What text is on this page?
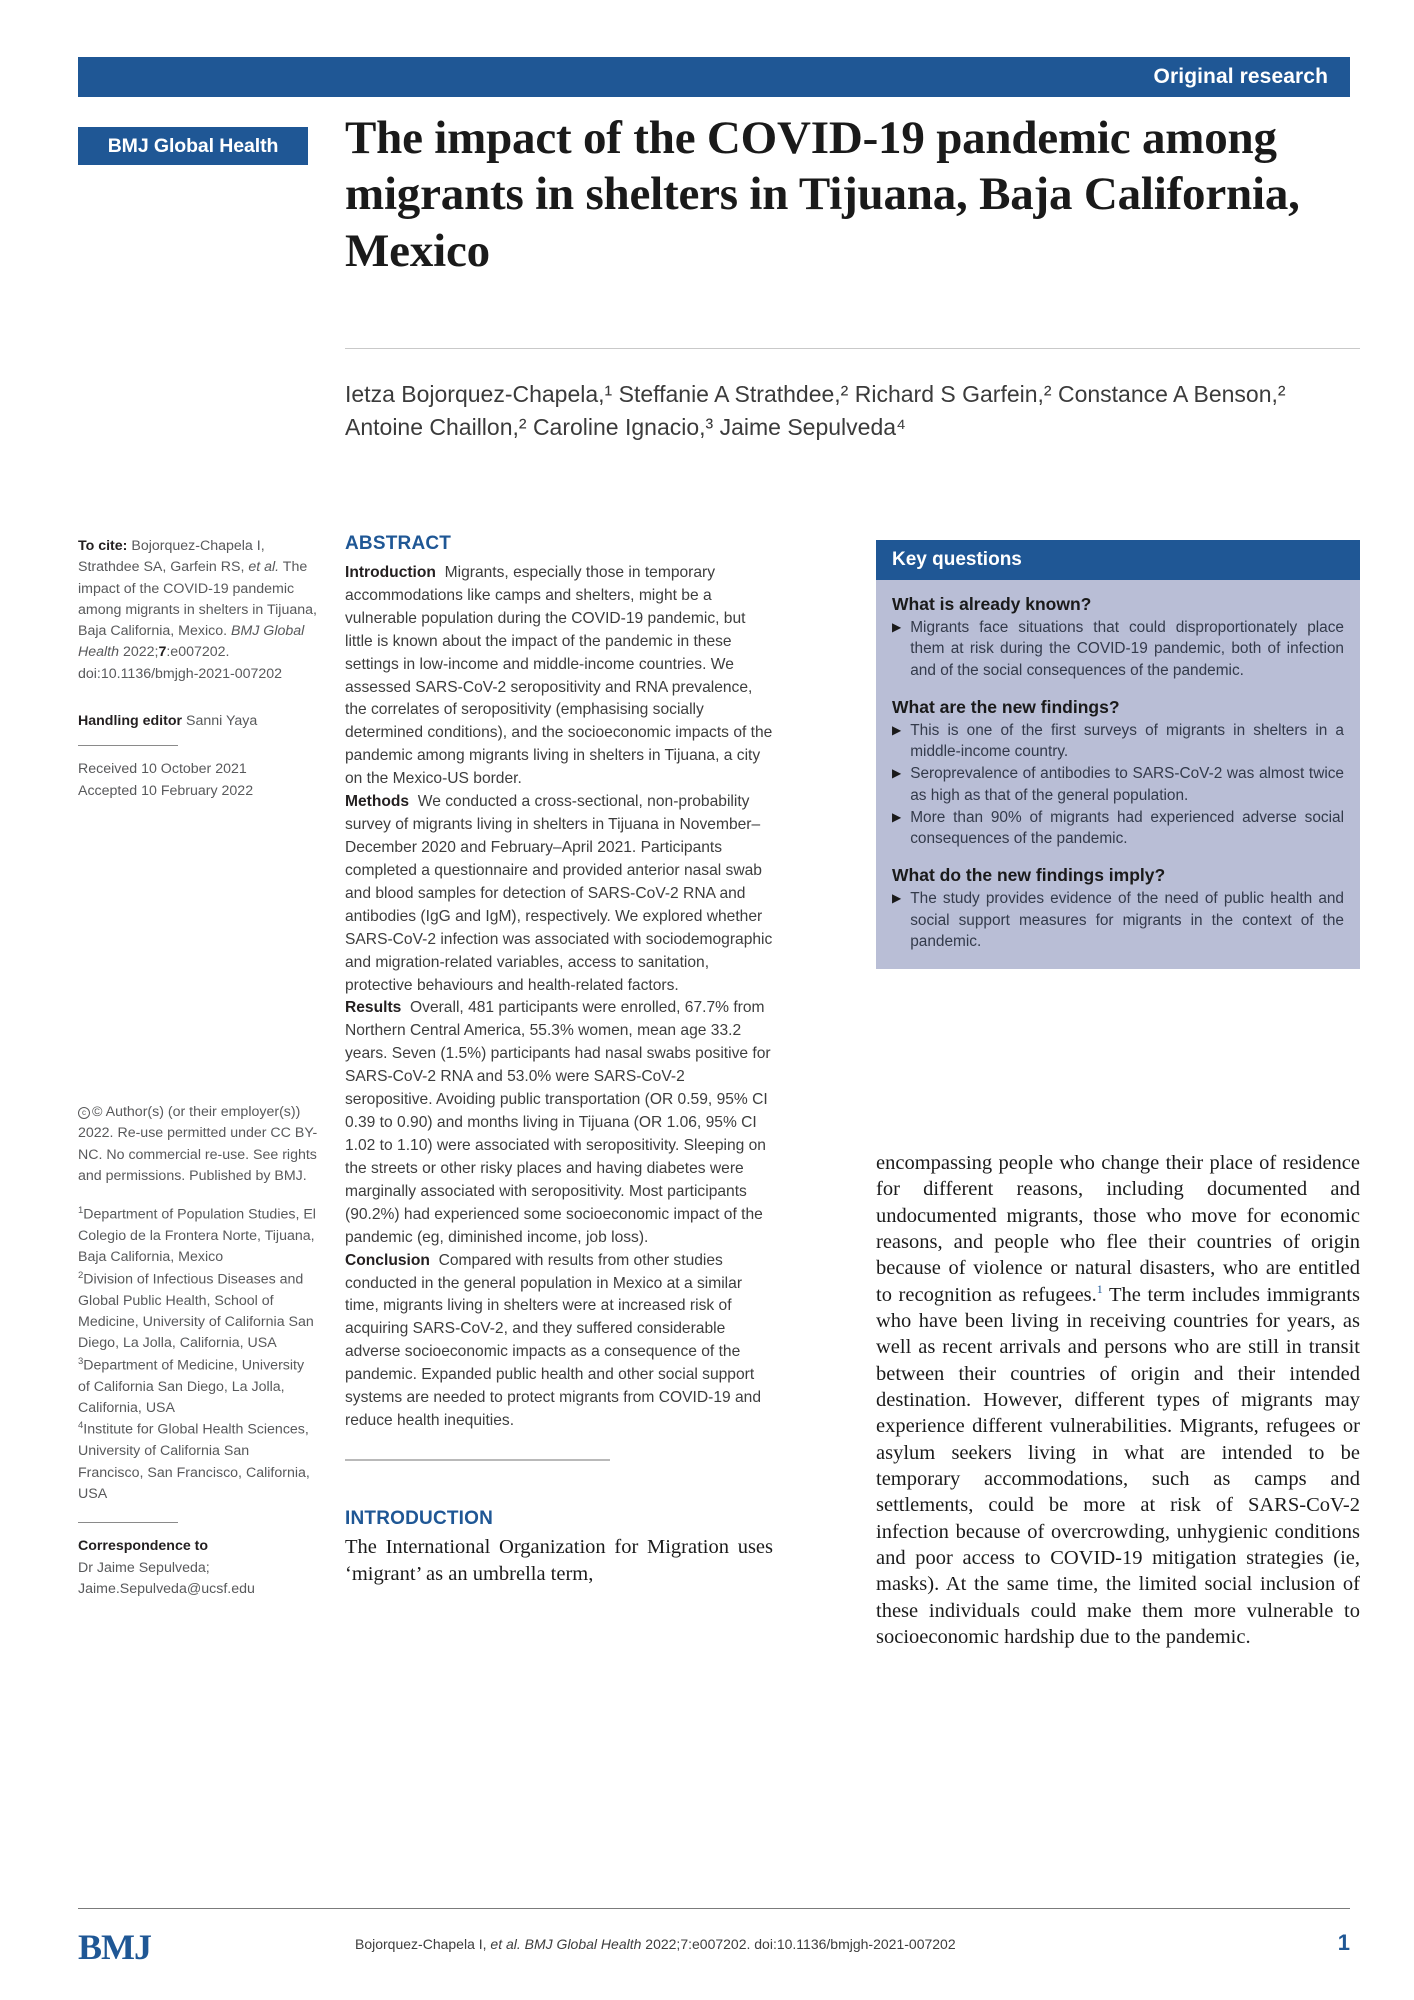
Original research
BMJ Global Health	The impact of the COVID-19 pandemic among migrants in shelters in Tijuana, Baja California, Mexico
Ietza Bojorquez-Chapela,¹ Steffanie A Strathdee,² Richard S Garfein,² Constance A Benson,² Antoine Chaillon,² Caroline Ignacio,³ Jaime Sepulveda⁴
To cite: Bojorquez-Chapela I, Strathdee SA, Garfein RS, et al. The impact of the COVID-19 pandemic among migrants in shelters in Tijuana, Baja California, Mexico. BMJ Global Health 2022;7:e007202. doi:10.1136/bmjgh-2021-007202
Handling editor Sanni Yaya
Received 10 October 2021
Accepted 10 February 2022
c © Author(s) (or their employer(s)) 2022. Re-use permitted under CC BY-NC. No commercial re-use. See rights and permissions. Published by BMJ.
$^1$Department of Population Studies, El Colegio de la Frontera Norte, Tijuana, Baja California, Mexico
$^2$Division of Infectious Diseases and Global Public Health, School of Medicine, University of California San Diego, La Jolla, California, USA
$^3$Department of Medicine, University of California San Diego, La Jolla, California, USA
$^4$Institute for Global Health Sciences, University of California San Francisco, San Francisco, California, USA
Correspondence to
Dr Jaime Sepulveda;
Jaime.Sepulveda@ucsf.edu
ABSTRACT

Introduction Migrants, especially those in temporary accommodations like camps and shelters, might be a vulnerable population during the COVID-19 pandemic, but little is known about the impact of the pandemic in these settings in low-income and middle-income countries. We assessed SARS-CoV-2 seropositivity and RNA prevalence, the correlates of seropositivity (emphasising socially determined conditions), and the socioeconomic impacts of the pandemic among migrants living in shelters in Tijuana, a city on the Mexico-US border.

Methods We conducted a cross-sectional, non-probability survey of migrants living in shelters in Tijuana in November–December 2020 and February–April 2021. Participants completed a questionnaire and provided anterior nasal swab and blood samples for detection of SARS-CoV-2 RNA and antibodies (IgG and IgM), respectively. We explored whether SARS-CoV-2 infection was associated with sociodemographic and migration-related variables, access to sanitation, protective behaviours and health-related factors.

Results Overall, 481 participants were enrolled, 67.7% from Northern Central America, 55.3% women, mean age 33.2 years. Seven (1.5%) participants had nasal swabs positive for SARS-CoV-2 RNA and 53.0% were SARS-CoV-2 seropositive. Avoiding public transportation (OR 0.59, 95% CI 0.39 to 0.90) and months living in Tijuana (OR 1.06, 95% CI 1.02 to 1.10) were associated with seropositivity. Sleeping on the streets or other risky places and having diabetes were marginally associated with seropositivity. Most participants (90.2%) had experienced some socioeconomic impact of the pandemic (eg, diminished income, job loss).

Conclusion Compared with results from other studies conducted in the general population in Mexico at a similar time, migrants living in shelters were at increased risk of acquiring SARS-CoV-2, and they suffered considerable adverse socioeconomic impacts as a consequence of the pandemic. Expanded public health and other social support systems are needed to protect migrants from COVID-19 and reduce health inequities.

INTRODUCTION
The International Organization for Migration uses ‘migrant’ as an umbrella term,
Key questions
What is already known?
▶ Migrants face situations that could disproportionately place them at risk during the COVID-19 pandemic, both of infection and of the social consequences of the pandemic.
What are the new findings?
▶ This is one of the first surveys of migrants in shelters in a middle-income country.
▶ Seroprevalence of antibodies to SARS-CoV-2 was almost twice as high as that of the general population.
▶ More than 90% of migrants had experienced adverse social consequences of the pandemic.
What do the new findings imply?
▶ The study provides evidence of the need of public health and social support measures for migrants in the context of the pandemic.
encompassing people who change their place of residence for different reasons, including documented and undocumented migrants, those who move for economic reasons, and people who flee their countries of origin because of violence or natural disasters, who are entitled to recognition as refugees.$^1$ The term includes immigrants who have been living in receiving countries for years, as well as recent arrivals and persons who are still in transit between their countries of origin and their intended destination. However, different types of migrants may experience different vulnerabilities. Migrants, refugees or asylum seekers living in what are intended to be temporary accommodations, such as camps and settlements, could be more at risk of SARS-CoV-2 infection because of overcrowding, unhygienic conditions and poor access to COVID-19 mitigation strategies (ie, masks). At the same time, the limited social inclusion of these individuals could make them more vulnerable to socioeconomic hardship due to the pandemic.
BMJ	Bojorquez-Chapela I, et al. BMJ Global Health 2022;7:e007202. doi:10.1136/bmjgh-2021-007202	1
